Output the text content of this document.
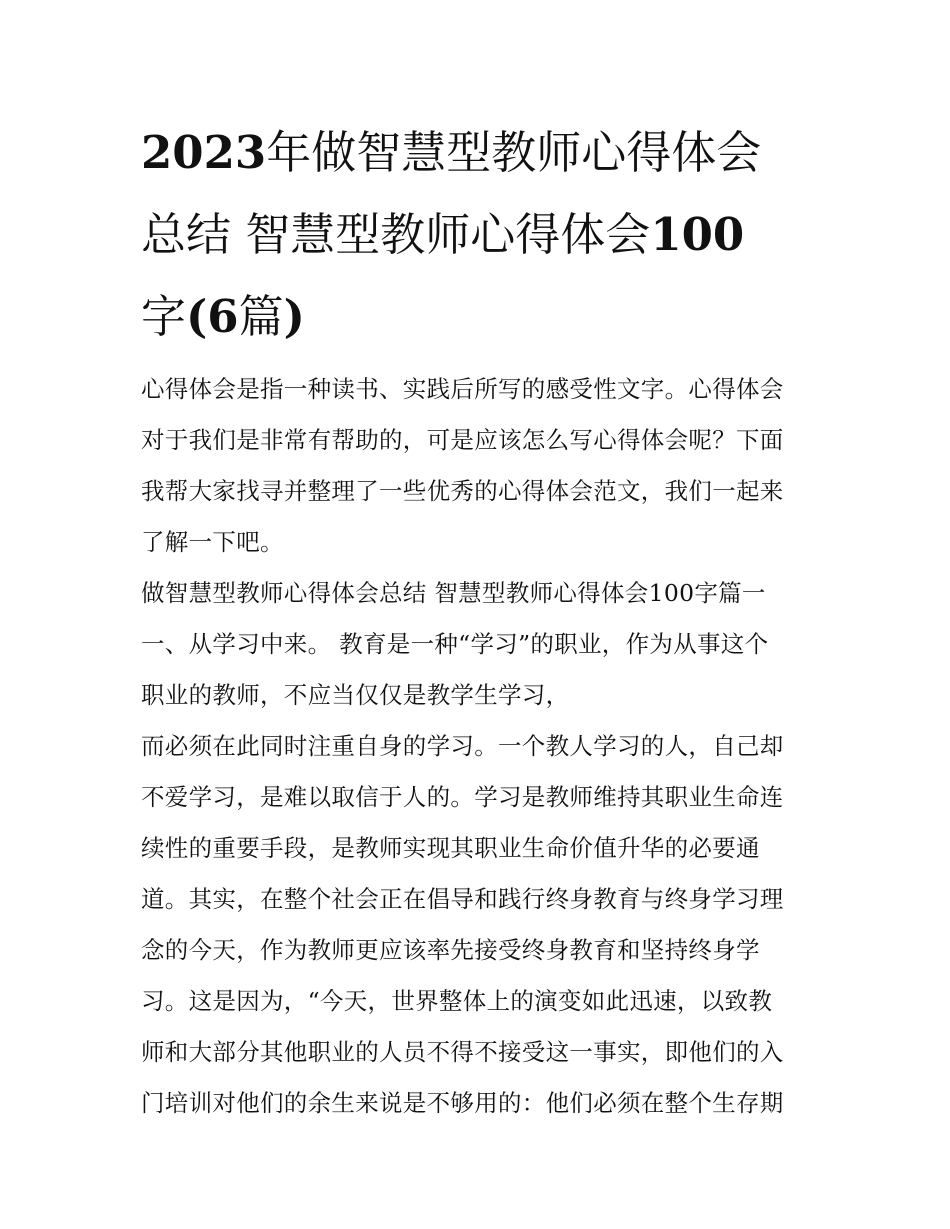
2023年做智慧型教师心得体会
总结 智慧型教师心得体会100
字(6篇)
心得体会是指一种读书、实践后所写的感受性文字。心得体会
对于我们是非常有帮助的，可是应该怎么写心得体会呢？下面
我帮大家找寻并整理了一些优秀的心得体会范文，我们一起来
了解一下吧。
做智慧型教师心得体会总结 智慧型教师心得体会100字篇一
一、从学习中来。 教育是一种“学习”的职业，作为从事这个
职业的教师，不应当仅仅是教学生学习，
而必须在此同时注重自身的学习。一个教人学习的人，自己却
不爱学习，是难以取信于人的。学习是教师维持其职业生命连
续性的重要手段，是教师实现其职业生命价值升华的必要通
道。其实，在整个社会正在倡导和践行终身教育与终身学习理
念的今天，作为教师更应该率先接受终身教育和坚持终身学
习。这是因为，“今天，世界整体上的演变如此迅速，以致教
师和大部分其他职业的人员不得不接受这一事实，即他们的入
门培训对他们的余生来说是不够用的：他们必须在整个生存期
